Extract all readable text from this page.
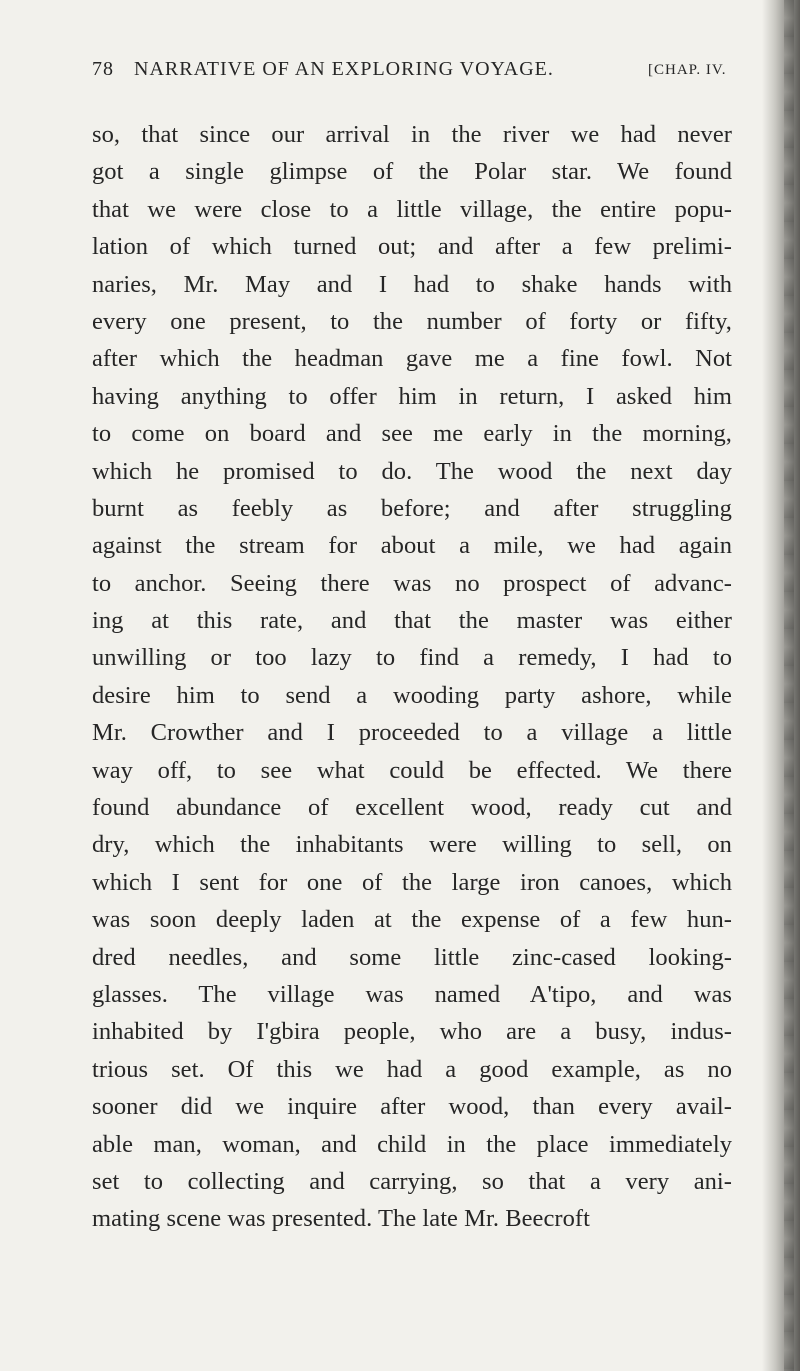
78 NARRATIVE OF AN EXPLORING VOYAGE.	[CHAP. IV.
so, that since our arrival in the river we had never
got a single glimpse of the Polar star. We found
that we were close to a little village, the entire popu-
lation of which turned out; and after a few prelimi-
naries, Mr. May and I had to shake hands with
every one present, to the number of forty or fifty,
after which the headman gave me a fine fowl. Not
having anything to offer him in return, I asked him
to come on board and see me early in the morning,
which he promised to do. The wood the next day
burnt as feebly as before; and after struggling
against the stream for about a mile, we had again
to anchor. Seeing there was no prospect of advanc-
ing at this rate, and that the master was either
unwilling or too lazy to find a remedy, I had to
desire him to send a wooding party ashore, while
Mr. Crowther and I proceeded to a village a little
way off, to see what could be effected. We there
found abundance of excellent wood, ready cut and
dry, which the inhabitants were willing to sell, on
which I sent for one of the large iron canoes, which
was soon deeply laden at the expense of a few hun-
dred needles, and some little zinc-cased looking-
glasses. The village was named A'tipo, and was
inhabited by I'gbira people, who are a busy, indus-
trious set. Of this we had a good example, as no
sooner did we inquire after wood, than every avail-
able man, woman, and child in the place immediately
set to collecting and carrying, so that a very ani-
mating scene was presented. The late Mr. Beecroft
